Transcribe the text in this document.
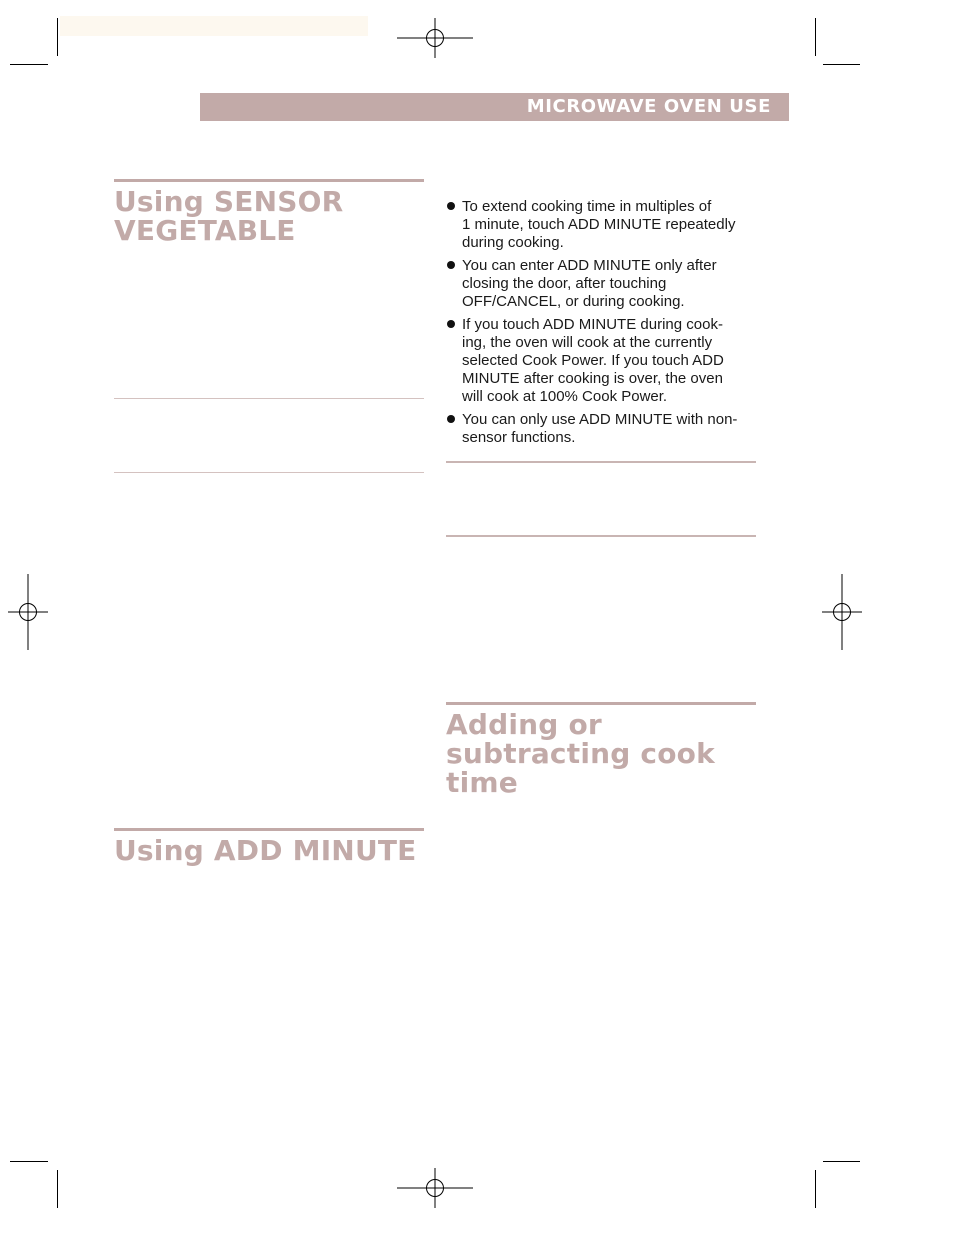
MICROWAVE OVEN USE
Using SENSOR
VEGETABLE
Using ADD MINUTE
To extend cooking time in multiples of
1 minute, touch ADD MINUTE repeatedly
during cooking.
You can enter ADD MINUTE only after
closing the door, after touching
OFF/CANCEL, or during cooking.
If you touch ADD MINUTE during cook-
ing, the oven will cook at the currently
selected Cook Power. If you touch ADD
MINUTE after cooking is over, the oven
will cook at 100% Cook Power.
You can only use ADD MINUTE with non-
sensor functions.
Adding or
subtracting cook
time
